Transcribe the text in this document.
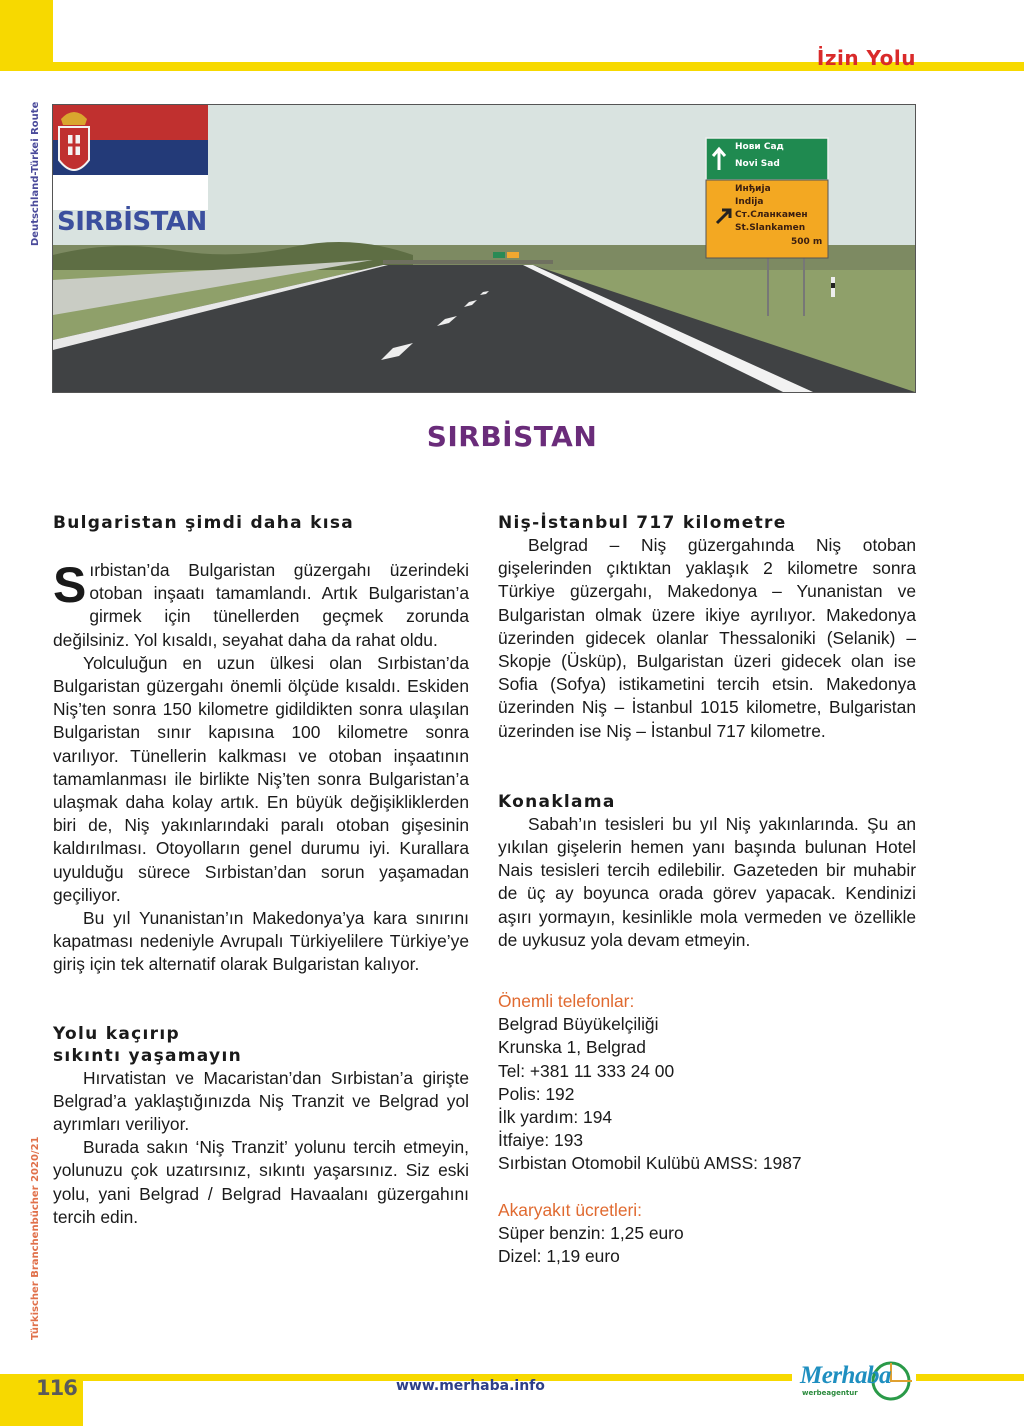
İzin Yolu
Deutschland-Türkei Route SIRBİSTAN
Нови Сад
Novi Sad
Инђија
Indija
Ст.Сланкамен
St.Slankamen
500 m
SIRBİSTAN
Bulgaristan şimdi daha kısa

Sırbistan’da Bulgaristan güzergahı üzerindeki otoban inşaatı tamamlandı. Artık Bulgaristan’a girmek için tünellerden geçmek zorunda değilsiniz. Yol kısaldı, seyahat daha da rahat oldu.

Yolculuğun en uzun ülkesi olan Sırbistan’da Bulgaristan güzergahı önemli ölçüde kısaldı. Eskiden Niş’ten sonra 150 kilometre gidildikten sonra ulaşılan Bulgaristan sınır kapısına 100 kilometre sonra varılıyor. Tünellerin kalkması ve otoban inşaatının tamamlanması ile birlikte Niş’ten sonra Bulgaristan’a ulaşmak daha kolay artık. En büyük değişikliklerden biri de, Niş yakınlarındaki paralı otoban gişesinin kaldırılması. Otoyolların genel durumu iyi. Kurallara uyulduğu sürece Sırbistan’dan sorun yaşamadan geçiliyor.

Bu yıl Yunanistan’ın Makedonya’ya kara sınırını kapatması nedeniyle Avrupalı Türkiyelilere Türkiye’ye giriş için tek alternatif olarak Bulgaristan kalıyor.

Yolu kaçırıp
sıkıntı yaşamayın

Hırvatistan ve Macaristan’dan Sırbistan’a girişte Belgrad’a yaklaştığınızda Niş Tranzit ve Belgrad yol ayrımları veriliyor.

Burada sakın ‘Niş Tranzit’ yolunu tercih etmeyin, yolunuzu çok uzatırsınız, sıkıntı yaşarsınız. Siz eski yolu, yani Belgrad / Belgrad Havaalanı güzergahını tercih edin.

Niş-İstanbul 717 kilometre

Belgrad – Niş güzergahında Niş otoban gişelerinden çıktıktan yaklaşık 2 kilometre sonra Türkiye güzergahı, Makedonya – Yunanistan ve Bulgaristan olmak üzere ikiye ayrılıyor. Makedonya üzerinden gidecek olanlar Thessaloniki (Selanik) – Skopje (Üsküp), Bulgaristan üzeri gidecek olan ise Sofia (Sofya) istikametini tercih etsin. Makedonya üzerinden Niş – İstanbul 1015 kilometre, Bulgaristan üzerinden ise Niş – İstanbul 717 kilometre.

Konaklama

Sabah’ın tesisleri bu yıl Niş yakınlarında. Şu an yıkılan gişelerin hemen yanı başında bulunan Hotel Nais tesisleri tercih edilebilir. Gazeteden bir muhabir de üç ay boyunca orada görev yapacak. Kendinizi aşırı yormayın, kesinlikle mola vermeden ve özellikle de uykusuz yola devam etmeyin.

Önemli telefonlar:
Belgrad Büyükelçiliği
Krunska 1, Belgrad
Tel: +381 11 333 24 00
Polis: 192
İlk yardım: 194
İtfaiye: 193
Sırbistan Otomobil Kulübü AMSS: 1987
Akaryakıt ücretleri:
Süper benzin: 1,25 euro
Dizel: 1,19 euro
Türkischer Branchenbücher 2020/21
116	www.merhaba.info	Merhaba
werbeagentur
